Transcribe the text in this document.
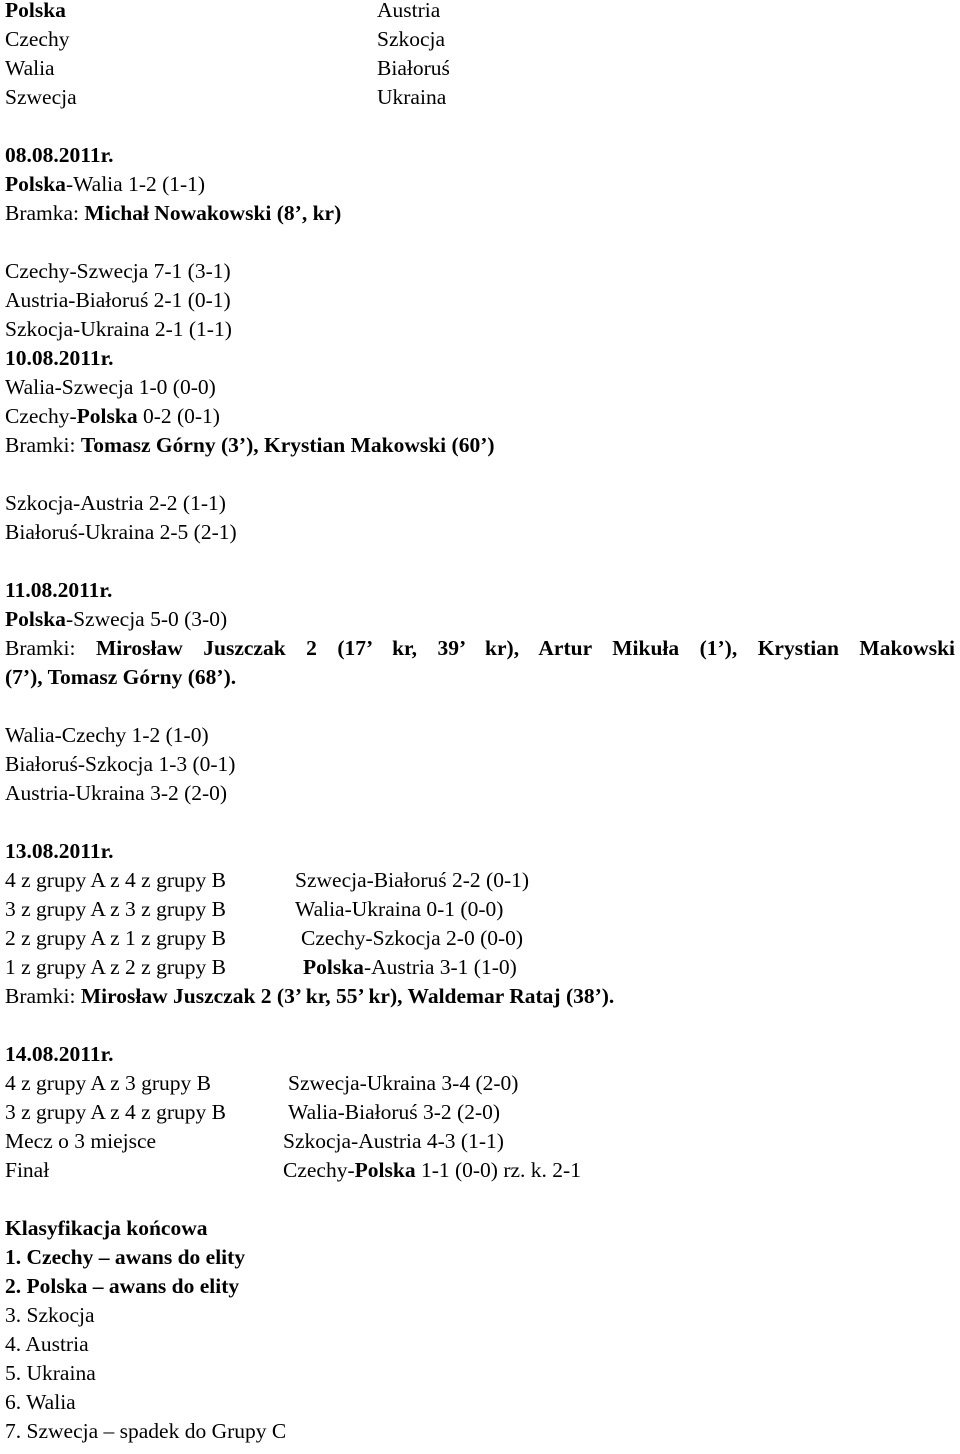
Polska	Austria
Czechy	Szkocja
Walia	Białoruś
Szwecja	Ukraina
08.08.2011r.
Polska-Walia 1-2 (1-1)
Bramka: Michał Nowakowski (8’, kr)
Czechy-Szwecja 7-1 (3-1)
Austria-Białoruś 2-1 (0-1)
Szkocja-Ukraina 2-1 (1-1)
10.08.2011r.
Walia-Szwecja 1-0 (0-0)
Czechy-Polska 0-2 (0-1)
Bramki: Tomasz Górny (3’), Krystian Makowski (60’)
Szkocja-Austria 2-2 (1-1)
Białoruś-Ukraina 2-5 (2-1)
11.08.2011r.
Polska-Szwecja 5-0 (3-0)
Bramki: Mirosław Juszczak 2 (17’ kr, 39’ kr), Artur Mikuła (1’), Krystian Makowski
(7’), Tomasz Górny (68’).
Walia-Czechy 1-2 (1-0)
Białoruś-Szkocja 1-3 (0-1)
Austria-Ukraina 3-2 (2-0)
13.08.2011r.
4 z grupy A z 4 z grupy B	Szwecja-Białoruś 2-2 (0-1)
3 z grupy A z 3 z grupy B	Walia-Ukraina 0-1 (0-0)
2 z grupy A z 1 z grupy B	Czechy-Szkocja 2-0 (0-0)
1 z grupy A z 2 z grupy B	Polska -Austria 3-1 (1-0)
Bramki: Mirosław Juszczak 2 (3’ kr, 55’ kr), Waldemar Rataj (38’).
14.08.2011r.
4 z grupy A z 3 grupy B	Szwecja-Ukraina 3-4 (2-0)
3 z grupy A z 4 z grupy B	Walia-Białoruś 3-2 (2-0)
Mecz o 3 miejsce	Szkocja-Austria 4-3 (1-1)
Finał	Czechy-Polska 1-1 (0-0) rz. k. 2-1
Klasyfikacja końcowa
1. Czechy – awans do elity
2. Polska – awans do elity
3. Szkocja
4. Austria
5. Ukraina
6. Walia
7. Szwecja – spadek do Grupy C
